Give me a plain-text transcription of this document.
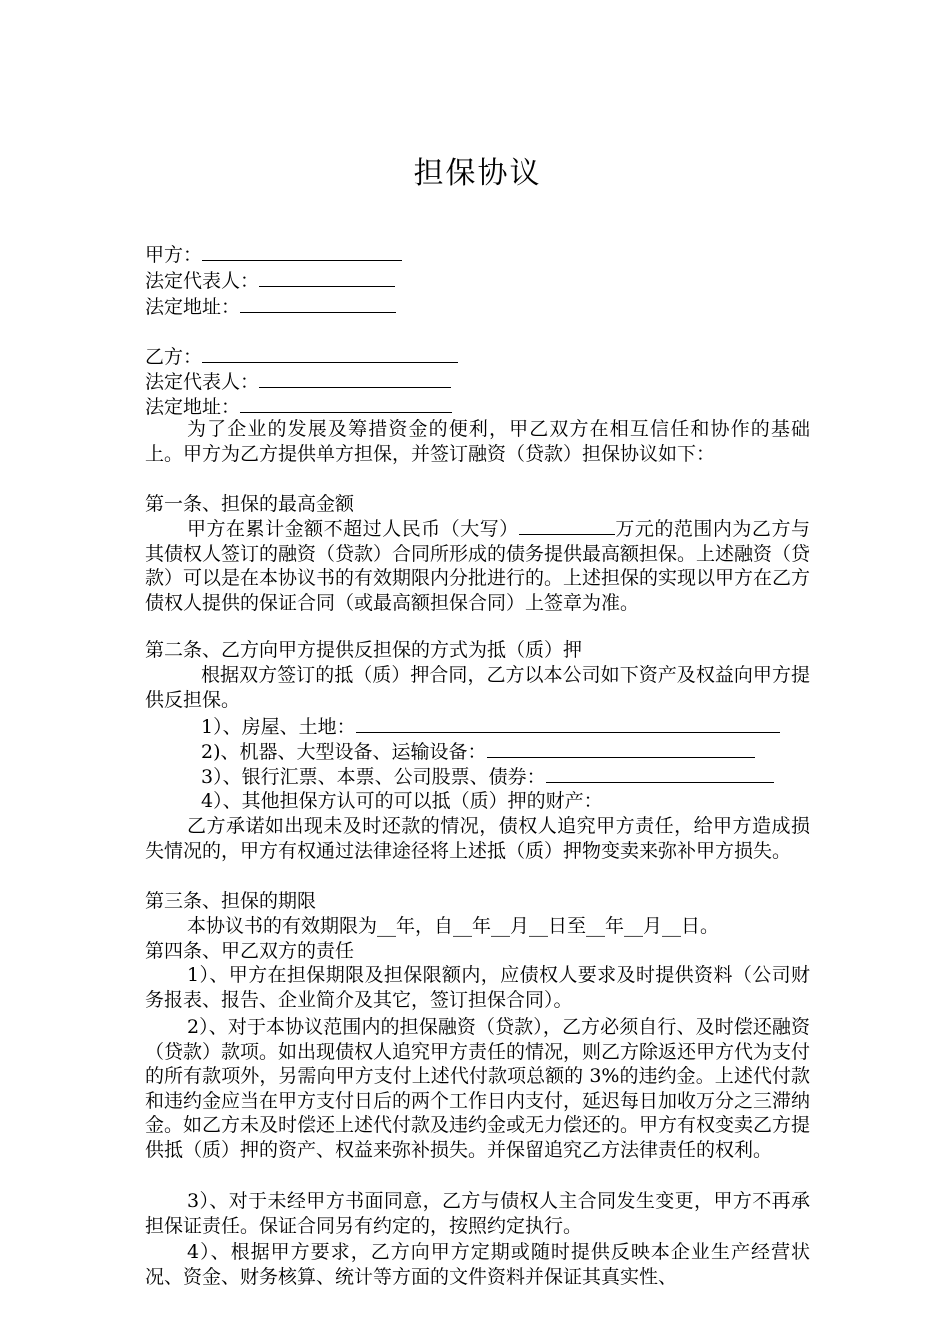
担保协议
甲方：
法定代表人：
法定地址：
乙方：
法定代表人：
法定地址：
为了企业的发展及筹措资金的便利，甲乙双方在相互信任和协作的基础上。甲方为乙方提供单方担保，并签订融资（贷款）担保协议如下：
第一条、担保的最高金额
甲方在累计金额不超过人民币（大写）	万元的范围内为乙方与其债权人签订的融资（贷款）合同所形成的债务提供最高额担保。上述融资（贷款）可以是在本协议书的有效期限内分批进行的。上述担保的实现以甲方在乙方债权人提供的保证合同（或最高额担保合同）上签章为准。
第二条、乙方向甲方提供反担保的方式为抵（质）押
根据双方签订的抵（质）押合同，乙方以本公司如下资产及权益向甲方提供反担保。
1）、房屋、土地：
2)、机器、大型设备、运输设备：
3）、银行汇票、本票、公司股票、债券：
4）、其他担保方认可的可以抵（质）押的财产：
乙方承诺如出现未及时还款的情况，债权人追究甲方责任，给甲方造成损失情况的，甲方有权通过法律途径将上述抵（质）押物变卖来弥补甲方损失。
第三条、担保的期限
本协议书的有效期限为__年，自__年__月__日至__年__月__日。
第四条、甲乙双方的责任
1）、甲方在担保期限及担保限额内，应债权人要求及时提供资料（公司财务报表、报告、企业简介及其它，签订担保合同）。
2）、对于本协议范围内的担保融资（贷款），乙方必须自行、及时偿还融资（贷款）款项。如出现债权人追究甲方责任的情况，则乙方除返还甲方代为支付的所有款项外，另需向甲方支付上述代付款项总额的 3%的违约金。上述代付款和违约金应当在甲方支付日后的两个工作日内支付，延迟每日加收万分之三滞纳金。如乙方未及时偿还上述代付款及违约金或无力偿还的。甲方有权变卖乙方提供抵（质）押的资产、权益来弥补损失。并保留追究乙方法律责任的权利。
3）、对于未经甲方书面同意，乙方与债权人主合同发生变更，甲方不再承担保证责任。保证合同另有约定的，按照约定执行。
4）、根据甲方要求，乙方向甲方定期或随时提供反映本企业生产经营状况、资金、财务核算、统计等方面的文件资料并保证其真实性、
